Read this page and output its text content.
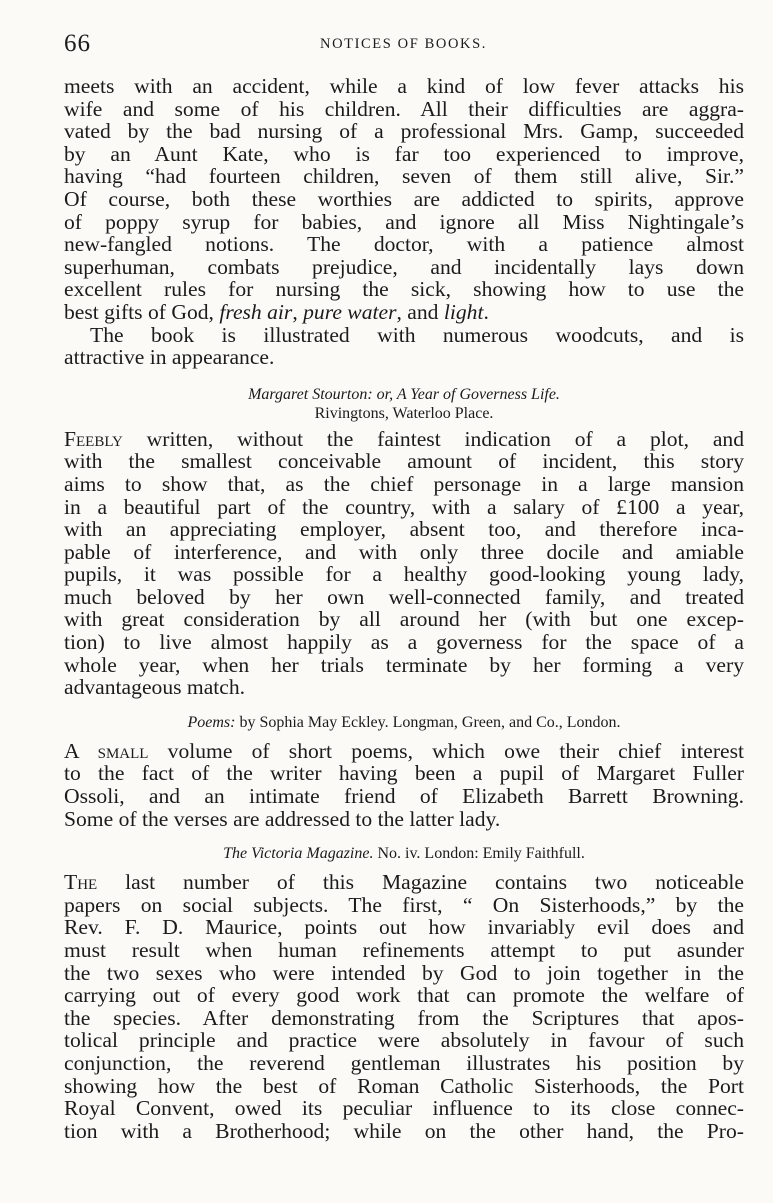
66	NOTICES OF BOOKS.
meets with an accident, while a kind of low fever attacks his
wife and some of his children. All their difficulties are aggra-
vated by the bad nursing of a professional Mrs. Gamp, succeeded
by an Aunt Kate, who is far too experienced to improve,
having “had fourteen children, seven of them still alive, Sir.”
Of course, both these worthies are addicted to spirits, approve
of poppy syrup for babies, and ignore all Miss Nightingale’s
new-fangled notions. The doctor, with a patience almost
superhuman, combats prejudice, and incidentally lays down
excellent rules for nursing the sick, showing how to use the
best gifts of God, fresh air, pure water, and light.
The book is illustrated with numerous woodcuts, and is
attractive in appearance.
Margaret Stourton: or, A Year of Governess Life.
Rivingtons, Waterloo Place.
Feebly written, without the faintest indication of a plot, and
with the smallest conceivable amount of incident, this story
aims to show that, as the chief personage in a large mansion
in a beautiful part of the country, with a salary of £100 a year,
with an appreciating employer, absent too, and therefore inca-
pable of interference, and with only three docile and amiable
pupils, it was possible for a healthy good-looking young lady,
much beloved by her own well-connected family, and treated
with great consideration by all around her (with but one excep-
tion) to live almost happily as a governess for the space of a
whole year, when her trials terminate by her forming a very
advantageous match.
Poems: by Sophia May Eckley. Longman, Green, and Co., London.
A small volume of short poems, which owe their chief interest
to the fact of the writer having been a pupil of Margaret Fuller
Ossoli, and an intimate friend of Elizabeth Barrett Browning.
Some of the verses are addressed to the latter lady.
The Victoria Magazine. No. iv. London: Emily Faithfull.
The last number of this Magazine contains two noticeable
papers on social subjects. The first, “ On Sisterhoods,” by the
Rev. F. D. Maurice, points out how invariably evil does and
must result when human refinements attempt to put asunder
the two sexes who were intended by God to join together in the
carrying out of every good work that can promote the welfare of
the species. After demonstrating from the Scriptures that apos-
tolical principle and practice were absolutely in favour of such
conjunction, the reverend gentleman illustrates his position by
showing how the best of Roman Catholic Sisterhoods, the Port
Royal Convent, owed its peculiar influence to its close connec-
tion with a Brotherhood; while on the other hand, the Pro-
